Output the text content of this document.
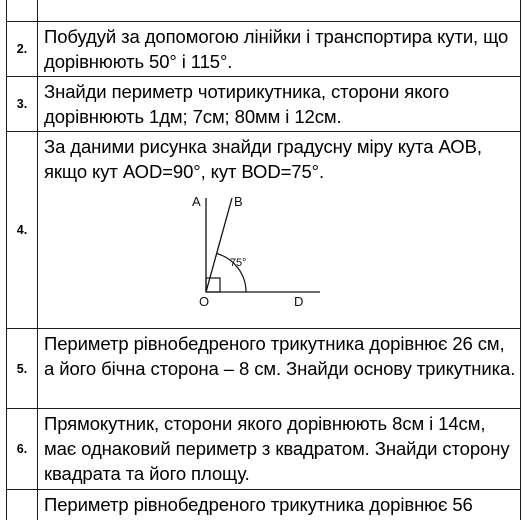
2.

Побудуй за допомогою лінійки і транспортира кути, що дорівнюють 50° і 115°.

3.

Знайди периметр чотирикутника, сторони якого дорівнюють 1дм; 7см; 80мм і 12см.

4.

За даними рисунка знайди градусну міру кута АОВ, якщо кут АОD=90°, кут ВОD=75°.

A	B
O	D
75°
5.

Периметр рівнобедреного трикутника дорівнює 26 см, а його бічна сторона – 8 см. Знайди основу трикутника.

6.

Прямокутник, сторони якого дорівнюють 8см і 14см, має однаковий периметр з квадратом. Знайди сторону квадрата та його площу.

Периметр рівнобедреного трикутника дорівнює 56
